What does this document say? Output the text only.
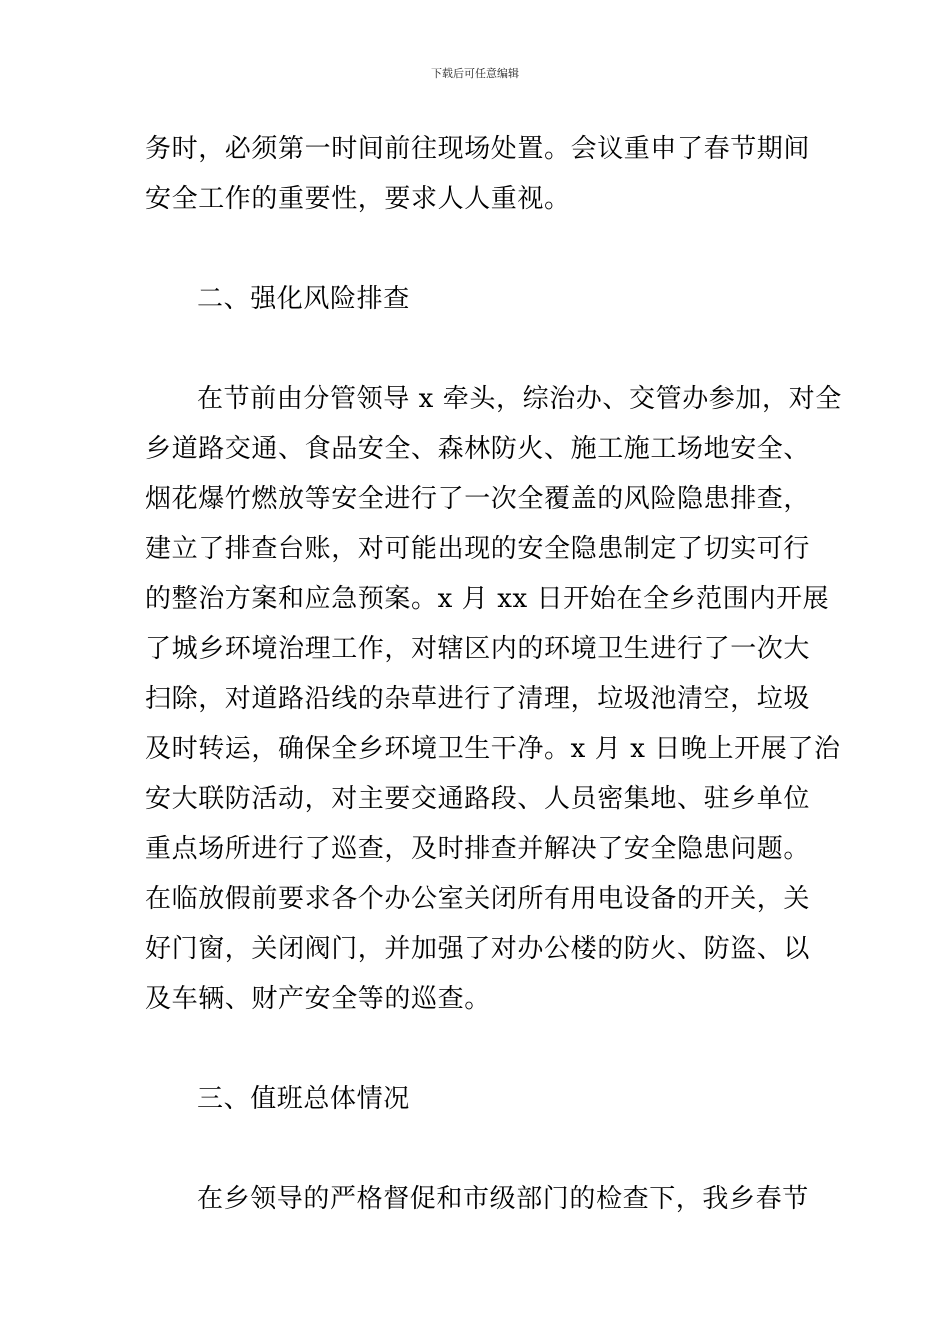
下载后可任意编辑
务时，必须第一时间前往现场处置。会议重申了春节期间
安全工作的重要性，要求人人重视。
二、强化风险排查
在节前由分管领导 x 牵头，综治办、交管办参加，对全
乡道路交通、食品安全、森林防火、施工施工场地安全、
烟花爆竹燃放等安全进行了一次全覆盖的风险隐患排查，
建立了排查台账，对可能出现的安全隐患制定了切实可行
的整治方案和应急预案。x 月 xx 日开始在全乡范围内开展
了城乡环境治理工作，对辖区内的环境卫生进行了一次大
扫除，对道路沿线的杂草进行了清理，垃圾池清空，垃圾
及时转运，确保全乡环境卫生干净。x 月 x 日晚上开展了治
安大联防活动，对主要交通路段、人员密集地、驻乡单位
重点场所进行了巡查，及时排查并解决了安全隐患问题。
在临放假前要求各个办公室关闭所有用电设备的开关，关
好门窗，关闭阀门，并加强了对办公楼的防火、防盗、以
及车辆、财产安全等的巡查。
三、值班总体情况
在乡领导的严格督促和市级部门的检查下，我乡春节
